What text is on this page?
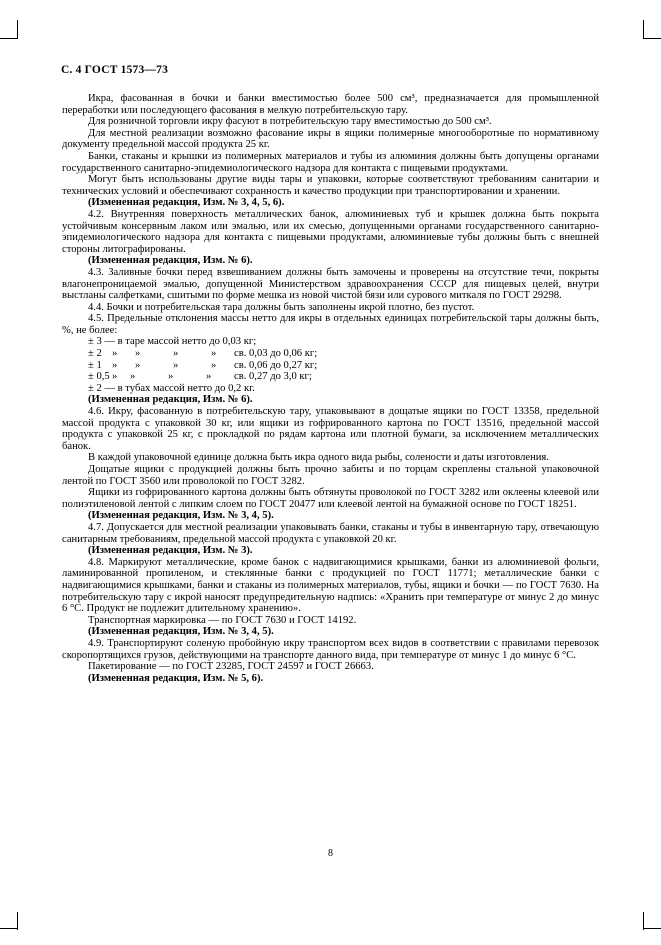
С. 4 ГОСТ 1573—73

Икра, фасованная в бочки и банки вместимостью более 500 см³, предназначается для промышленной переработки или последующего фасования в мелкую потребительскую тару.

Для розничной торговли икру фасуют в потребительскую тару вместимостью до 500 см³.

Для местной реализации возможно фасование икры в ящики полимерные многооборотные по нормативному документу предельной массой продукта 25 кг.

Банки, стаканы и крышки из полимерных материалов и тубы из алюминия должны быть допущены органами государственного санитарно-эпидемиологического надзора для контакта с пищевыми продуктами.

Могут быть использованы другие виды тары и упаковки, которые соответствуют требованиям санитарии и технических условий и обеспечивают сохранность и качество продукции при транспортировании и хранении.

(Измененная редакция, Изм. № 3, 4, 5, 6).

4.2. Внутренняя поверхность металлических банок, алюминиевых туб и крышек должна быть покрыта устойчивым консервным лаком или эмалью, или их смесью, допущенными органами государственного санитарно-эпидемиологического надзора для контакта с пищевыми продуктами, алюминиевые тубы должны быть с внешней стороны литографированы.

(Измененная редакция, Изм. № 6).

4.3. Заливные бочки перед взвешиванием должны быть замочены и проверены на отсутствие течи, покрыты влагонепроницаемой эмалью, допущенной Министерством здравоохранения СССР для пищевых целей, внутри выстланы салфетками, сшитыми по форме мешка из новой чистой бязи или сурового миткаля по ГОСТ 29298.

4.4. Бочки и потребительская тара должны быть заполнены икрой плотно, без пустот.

4.5. Предельные отклонения массы нетто для икры в отдельных единицах потребительской тары должны быть, %, не более:

± 3 — в таре массой нетто до 0,03 кг;
± 2 »	»	»	»	св. 0,03 до 0,06 кг;
± 1 »	»	»	»	св. 0,06 до 0,27 кг;
± 0,5 »	»	»	»	св. 0,27 до 3,0 кг;
± 2 — в тубах массой нетто до 0,2 кг.

(Измененная редакция, Изм. № 6).

4.6. Икру, фасованную в потребительскую тару, упаковывают в дощатые ящики по ГОСТ 13358, предельной массой продукта с упаковкой 30 кг, или ящики из гофрированного картона по ГОСТ 13516, предельной массой продукта с упаковкой 25 кг, с прокладкой по рядам картона или плотной бумаги, за исключением металлических банок.

В каждой упаковочной единице должна быть икра одного вида рыбы, солености и даты изготовления.

Дощатые ящики с продукцией должны быть прочно забиты и по торцам скреплены стальной упаковочной лентой по ГОСТ 3560 или проволокой по ГОСТ 3282.

Ящики из гофрированного картона должны быть обтянуты проволокой по ГОСТ 3282 или оклеены клеевой или полиэтиленовой лентой с липким слоем по ГОСТ 20477 или клеевой лентой на бумажной основе по ГОСТ 18251.

(Измененная редакция, Изм. № 3, 4, 5).

4.7. Допускается для местной реализации упаковывать банки, стаканы и тубы в инвентарную тару, отвечающую санитарным требованиям, предельной массой продукта с упаковкой 20 кг.

(Измененная редакция, Изм. № 3).

4.8. Маркируют металлические, кроме банок с надвигающимися крышками, банки из алюминиевой фольги, ламинированной пропиленом, и стеклянные банки с продукцией по ГОСТ 11771; металлические банки с надвигающимися крышками, банки и стаканы из полимерных материалов, тубы, ящики и бочки — по ГОСТ 7630. На потребительскую тару с икрой наносят предупредительную надпись: «Хранить при температуре от минус 2 до минус 6 °С. Продукт не подлежит длительному хранению».

Транспортная маркировка — по ГОСТ 7630 и ГОСТ 14192.

(Измененная редакция, Изм. № 3, 4, 5).

4.9. Транспортируют соленую пробойную икру транспортом всех видов в соответствии с правилами перевозок скоропортящихся грузов, действующими на транспорте данного вида, при температуре от минус 1 до минус 6 °С.

Пакетирование — по ГОСТ 23285, ГОСТ 24597 и ГОСТ 26663.

(Измененная редакция, Изм. № 5, 6).

8
